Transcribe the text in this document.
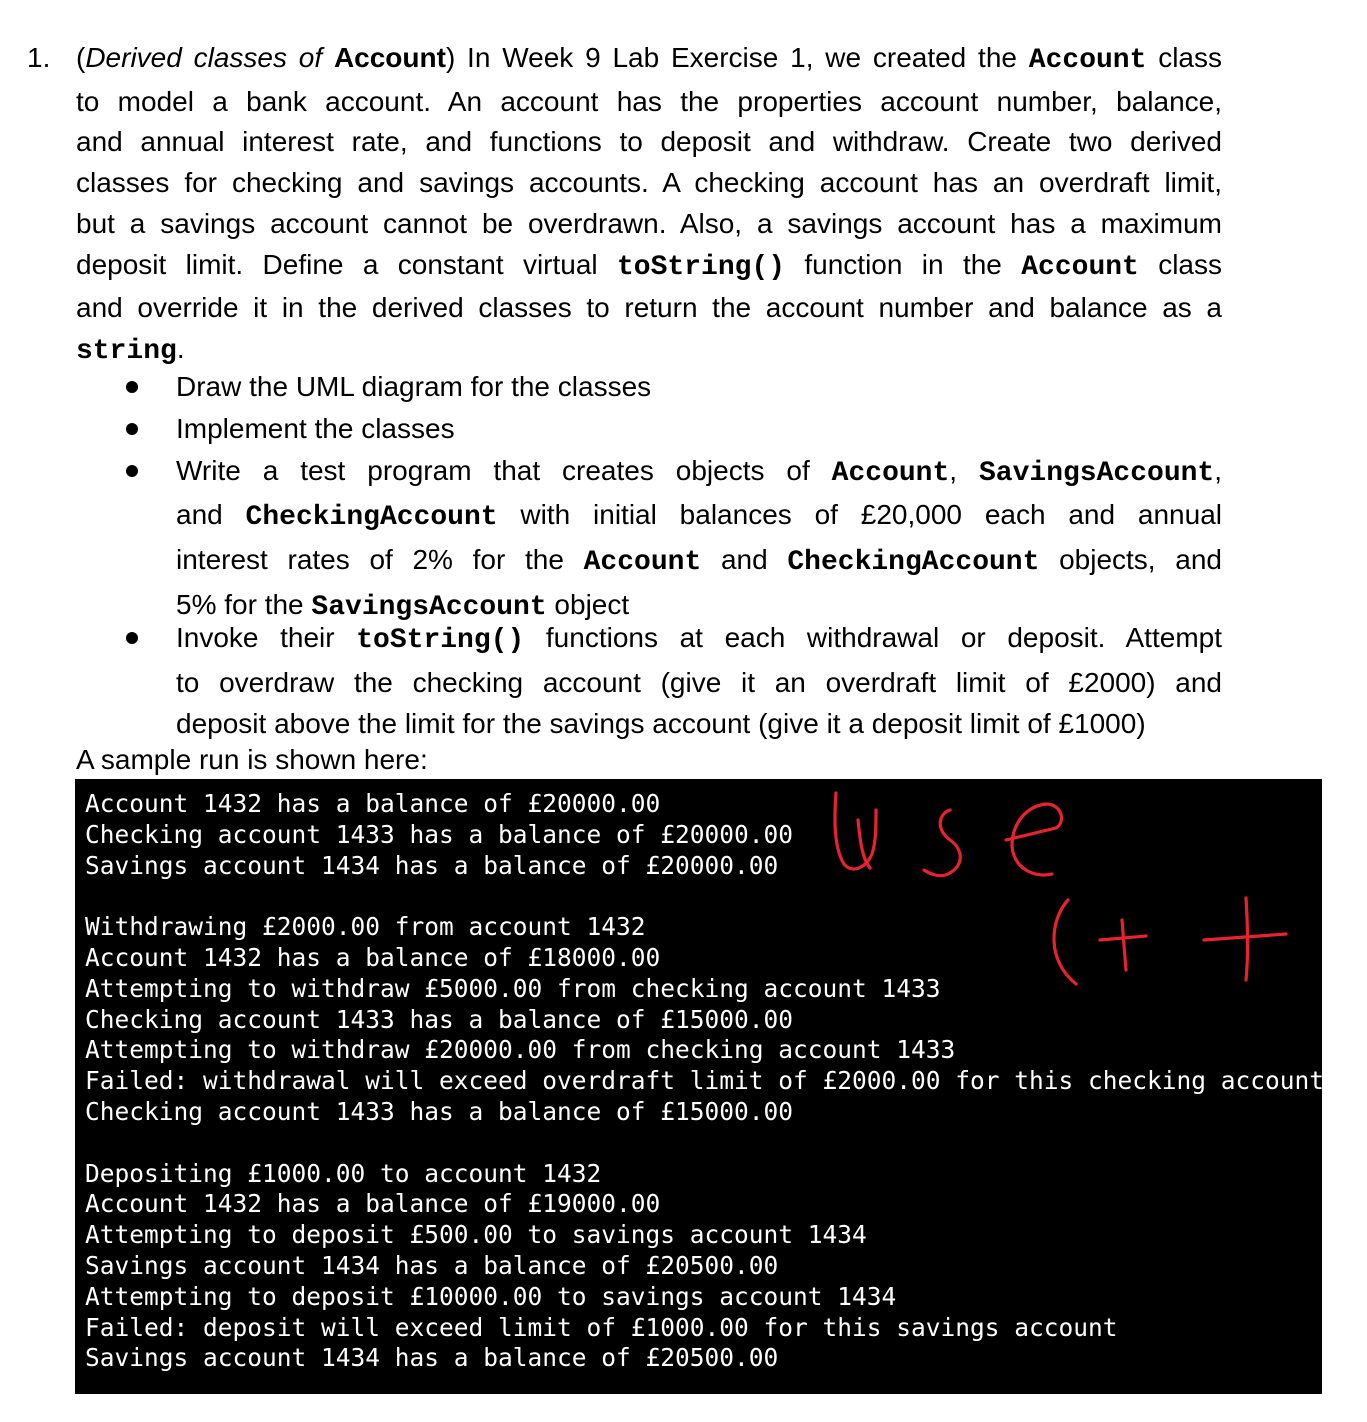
1. (Derived classes of Account) In Week 9 Lab Exercise 1, we created the Account class
to model a bank account. An account has the properties account number, balance,
and annual interest rate, and functions to deposit and withdraw. Create two derived
classes for checking and savings accounts. A checking account has an overdraft limit,
but a savings account cannot be overdrawn. Also, a savings account has a maximum
deposit limit. Define a constant virtual toString() function in the Account class
and override it in the derived classes to return the account number and balance as a
string.
Draw the UML diagram for the classes
Implement the classes
Write a test program that creates objects of Account, SavingsAccount,
and CheckingAccount with initial balances of £20,000 each and annual
interest rates of 2% for the Account and CheckingAccount objects, and
5% for the SavingsAccount object
Invoke their toString() functions at each withdrawal or deposit. Attempt
to overdraw the checking account (give it an overdraft limit of £2000) and
deposit above the limit for the savings account (give it a deposit limit of £1000)
A sample run is shown here:
Account 1432 has a balance of £20000.00
Checking account 1433 has a balance of £20000.00
Savings account 1434 has a balance of £20000.00
Withdrawing £2000.00 from account 1432
Account 1432 has a balance of £18000.00
Attempting to withdraw £5000.00 from checking account 1433
Checking account 1433 has a balance of £15000.00
Attempting to withdraw £20000.00 from checking account 1433
Failed: withdrawal will exceed overdraft limit of £2000.00 for this checking account
Checking account 1433 has a balance of £15000.00
Depositing £1000.00 to account 1432
Account 1432 has a balance of £19000.00
Attempting to deposit £500.00 to savings account 1434
Savings account 1434 has a balance of £20500.00
Attempting to deposit £10000.00 to savings account 1434
Failed: deposit will exceed limit of £1000.00 for this savings account
Savings account 1434 has a balance of £20500.00
